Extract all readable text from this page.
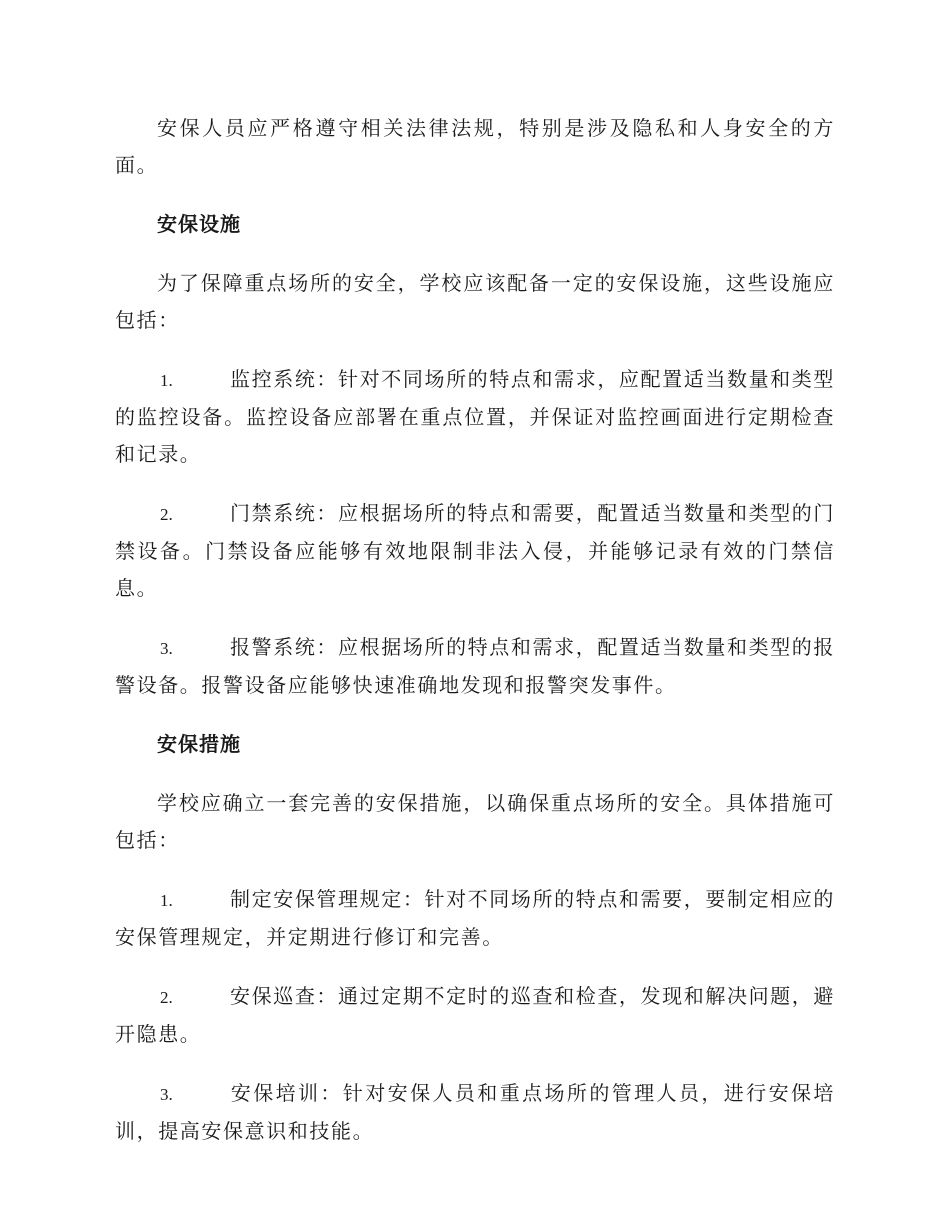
安保人员应严格遵守相关法律法规，特别是涉及隐私和人身安全的方面。

安保设施

为了保障重点场所的安全，学校应该配备一定的安保设施，这些设施应包括：

1.	监控系统：针对不同场所的特点和需求，应配置适当数量和类型的监控设备。监控设备应部署在重点位置，并保证对监控画面进行定期检查和记录。

2.	门禁系统：应根据场所的特点和需要，配置适当数量和类型的门禁设备。门禁设备应能够有效地限制非法入侵，并能够记录有效的门禁信息。

3.	报警系统：应根据场所的特点和需求，配置适当数量和类型的报警设备。报警设备应能够快速准确地发现和报警突发事件。

安保措施

学校应确立一套完善的安保措施，以确保重点场所的安全。具体措施可包括：

1.	制定安保管理规定：针对不同场所的特点和需要，要制定相应的安保管理规定，并定期进行修订和完善。

2.	安保巡查：通过定期不定时的巡查和检查，发现和解决问题，避开隐患。

3.	安保培训：针对安保人员和重点场所的管理人员，进行安保培训，提高安保意识和技能。
